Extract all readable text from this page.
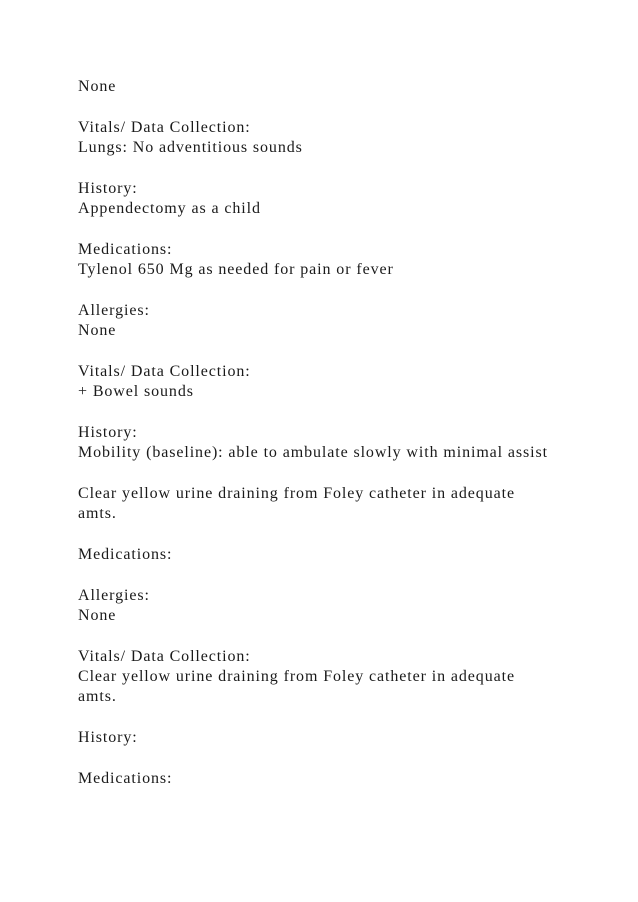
None
Vitals/ Data Collection:
Lungs: No adventitious sounds
History:
Appendectomy as a child
Medications:
Tylenol 650 Mg as needed for pain or fever
Allergies:
None
Vitals/ Data Collection:
+ Bowel sounds
History:
Mobility (baseline): able to ambulate slowly with minimal assist
Clear yellow urine draining from Foley catheter in adequate
amts.
Medications:
Allergies:
None
Vitals/ Data Collection:
Clear yellow urine draining from Foley catheter in adequate
amts.
History:
Medications:
